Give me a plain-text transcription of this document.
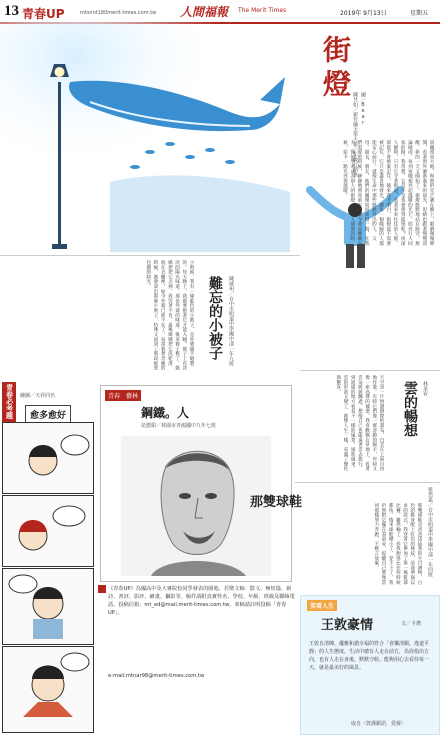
13 青春UP	mtsnnt180merit-times.com.tw 人間福報 The Merit Times	2019年 9月13日	星期五
街燈
陳昱如／新竹縣太學大學二年級行銷系 圖／Bear
晨曦照亮大地，和煦的光芒灑在臉上，眼睛微微睜開，看著窗外灑落進來的晨光，思緒也跟著慢慢清醒，新的一天又開始了。街燈默默地站在路旁，無論晴雨，每到夜晚便亮起溫暖的光芒，照亮行人回家的路。我常想，它是不是也會感到孤單呢？夜深人靜時，只有它守著街道，看著來來往往的人群，卻從不曾被誰記住。後來我才明白，街燈從不需要被記住，它只是盡責地發光，讓每一個晚歸的人都能安心前行。就像生命中那些默默付出的人，父母、師長、朋友，他們的關懷如同街燈一般，在我們需要的時候，靜靜地照亮前方。如今我也漸漸長大，開始學著成為別人的街燈，在他人迷惘的時候，給予一點光亮與溫暖。
小時候，我有一條藍色的小被子，是外婆親手縫製的。每天晚上，我都要抱著它才能入睡。被子上有淡淡的陽光味道，那是外婆的味道。後來被子舊了，媽媽想把它丟掉，我哭著不肯，最後媽媽把它洗乾淨，收在衣櫃裡。如今外婆已經不在了，每當我想念她的時候，就會拿出那條小被子，彷彿又回到了那段被愛包圍的時光。
難忘的小被子	陳威州／台中市明道中學國中部一年九班
天空是一片無邊無際的畫布，白雲在上面自由地作畫。有時它們像一群奔跑的綿羊，有時又像一座高聳的城堡。我喜歡躺在草地上，看著雲朵緩緩飄過，想像自己也能乘著雲去旅行，到遙遠的地方看看不一樣的風景。風吹過來，雲的形狀又變了，就像人生一樣，充滿了變化與驚喜。	雲的暢想 林采宥
青春 藝林
鋼鐵。人
昆薦娟／林園市青鴻國中九年七班
那雙球鞋	蔡岱嘉／台中市明道中學國中部一年四班
那雙球鞋是爸爸送給我的生日禮物，白色的鞋身配上紅色的條紋，是我夢寐以求的款式。我穿著它參加了第一場籃球比賽，雖然輸了，但我跑得比任何時候都快。後來球鞋變小了，穿不下了，我仍然把它擺在書桌旁，提醒自己要像當初那樣努力奔跑，不輕言放棄。
青春必考題	繪圖／天祥同名
愈多愈好
《青春UP》為國高中及大專院校同學發表的園地。若徵文稿：散文、極短篇、新詩、書評、影評、繪畫、攝影等，稿件請附真實姓名、學校、年級、班級及聯絡電話。投稿信箱：mt_ed@mail.merit-times.com.tw，來稿請註明投稿「青春UP」。
e-mail:mtnar98@merit-times.com.tw
笑看人生
王敦豪情	文／卡農
王敦自清陳，優雅和諧幸福的符合「喜樂清願，逸道平靜」的人生態度。生活中總有人走在前方，為你指出方向，也有人走在身後，默默守候。能夠用心去看待每一天，就是最美好的風景。
取自〈敦謹願語．愛發〉
